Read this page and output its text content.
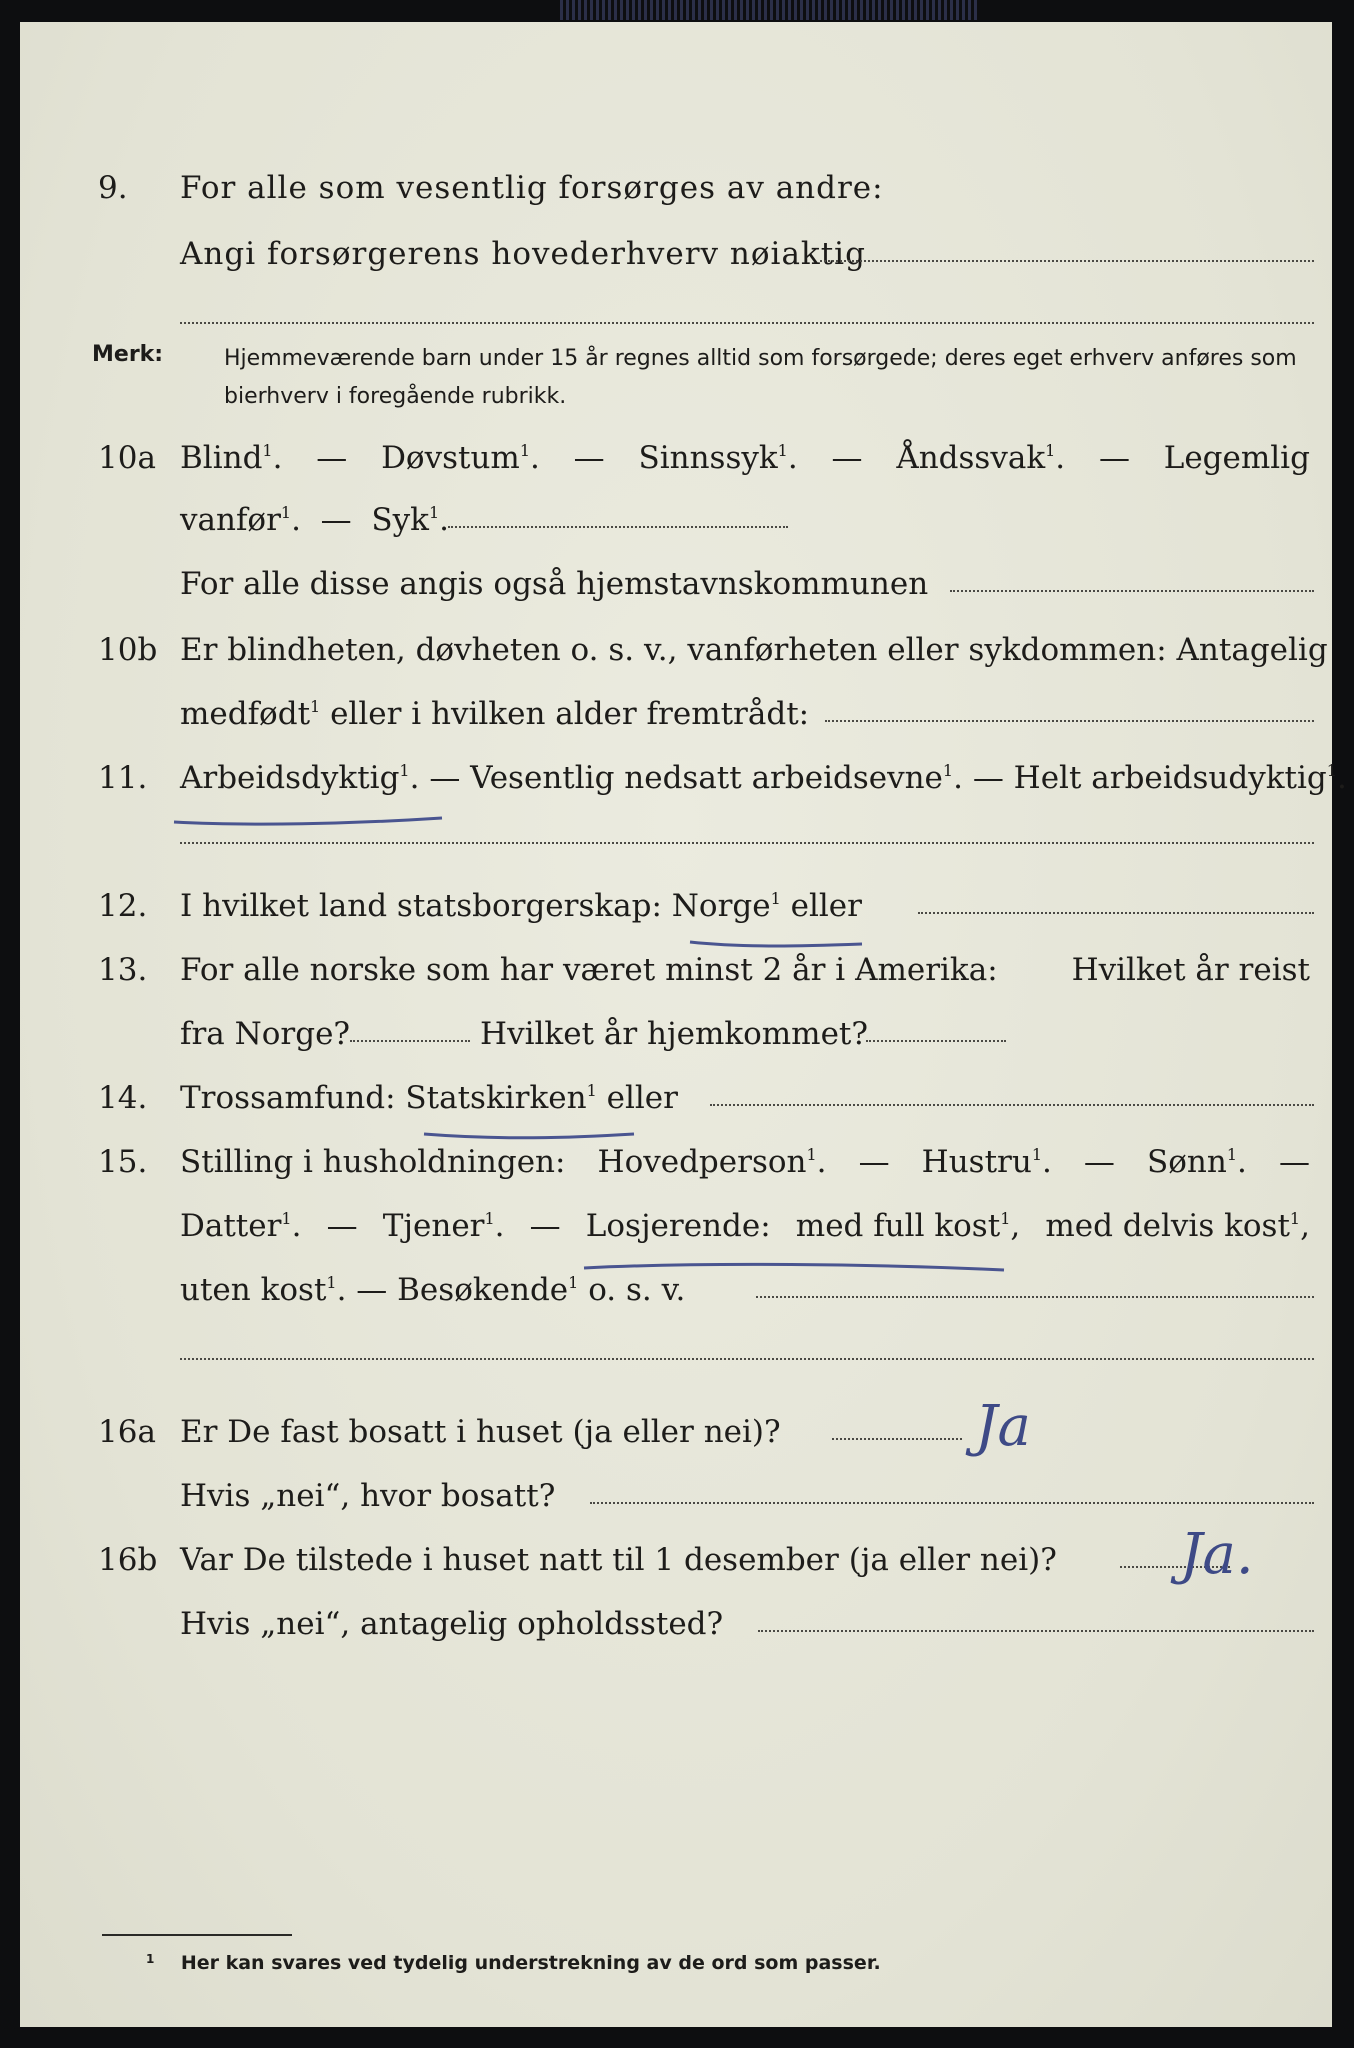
9. For alle som vesentlig forsørges av andre:
Angi forsørgerens hovederhverv nøiaktig
Merk:	Hjemmeværende barn under 15 år regnes alltid som forsørgede; deres eget erhverv anføres som bierhverv i foregående rubrikk.
10a Blind$^1$. — Døvstum$^1$. — Sinnssyk$^1$. — Åndssvak$^1$. — Legemlig
vanfør$^1$.  —  Syk$^1$.
For alle disse angis også hjemstavnskommunen
10b Er blindheten, døvheten o. s. v., vanførheten eller sykdommen: Antagelig
medfødt$^1$ eller i hvilken alder fremtrådt:
11. Arbeidsdyktig$^1$. — Vesentlig nedsatt arbeidsevne$^1$. — Helt arbeidsudyktig$^1$.
12. I hvilket land statsborgerskap: Norge$^1$ eller
13. For alle norske som har været minst 2 år i Amerika: Hvilket år reist
fra Norge?	Hvilket år hjemkommet?
14. Trossamfund: Statskirken$^1$ eller
15. Stilling i husholdningen: Hovedperson$^1$. — Hustru$^1$. — Sønn$^1$. —
Datter$^1$. — Tjener$^1$. — Losjerende: med full kost$^1$, med delvis kost$^1$,
uten kost$^1$. — Besøkende$^1$ o. s. v.
16a Er De fast bosatt i huset (ja eller nei)?	Ja
Hvis „nei“, hvor bosatt?
16b Var De tilstede i huset natt til 1 desember (ja eller nei)? Ja.
Hvis „nei“, antagelig opholdssted?
$^1$ Her kan svares ved tydelig understrekning av de ord som passer.
